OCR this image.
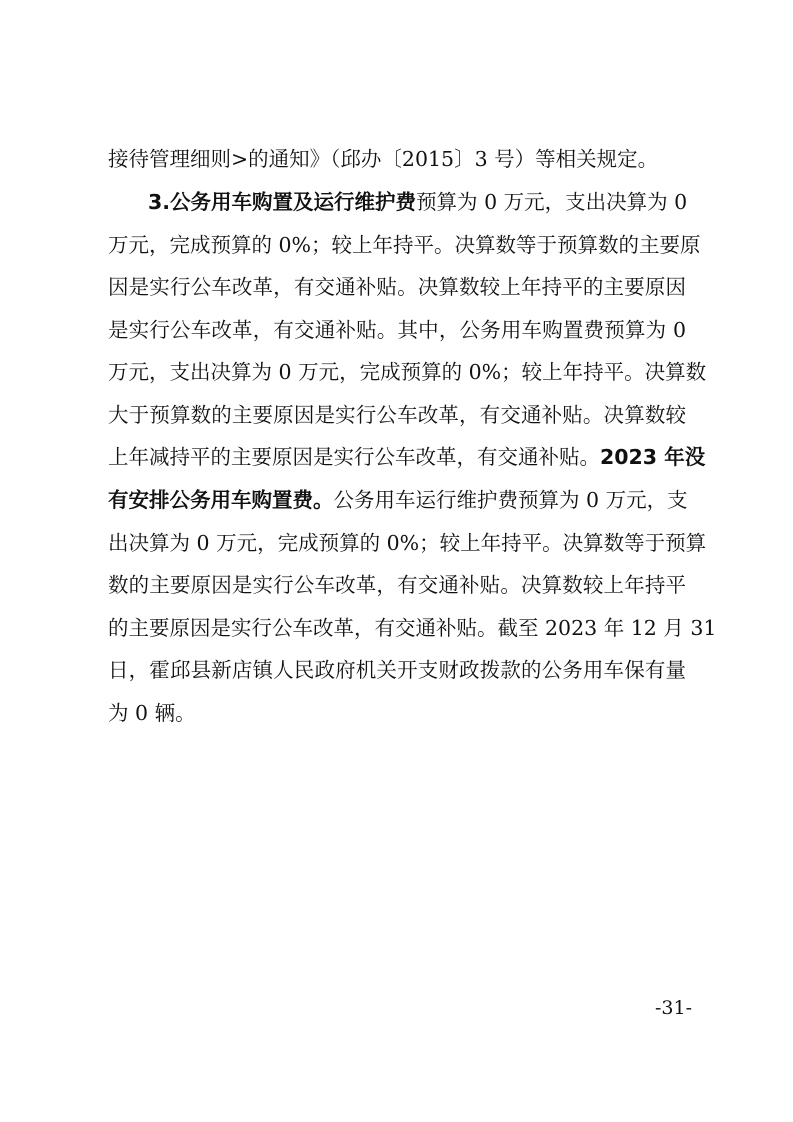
接待管理细则>的通知》（邱办〔2015〕3 号）等相关规定。
3.公务用车购置及运行维护费预算为 0 万元，支出决算为 0
万元，完成预算的 0%；较上年持平。决算数等于预算数的主要原
因是实行公车改革，有交通补贴。决算数较上年持平的主要原因
是实行公车改革，有交通补贴。其中，公务用车购置费预算为 0
万元，支出决算为 0 万元，完成预算的 0%；较上年持平。决算数
大于预算数的主要原因是实行公车改革，有交通补贴。决算数较
上年减持平的主要原因是实行公车改革，有交通补贴。2023 年没
有安排公务用车购置费。公务用车运行维护费预算为 0 万元，支
出决算为 0 万元，完成预算的 0%；较上年持平。决算数等于预算
数的主要原因是实行公车改革，有交通补贴。决算数较上年持平
的主要原因是实行公车改革，有交通补贴。截至 2023 年 12 月 31
日，霍邱县新店镇人民政府机关开支财政拨款的公务用车保有量
为 0 辆。
-31-
